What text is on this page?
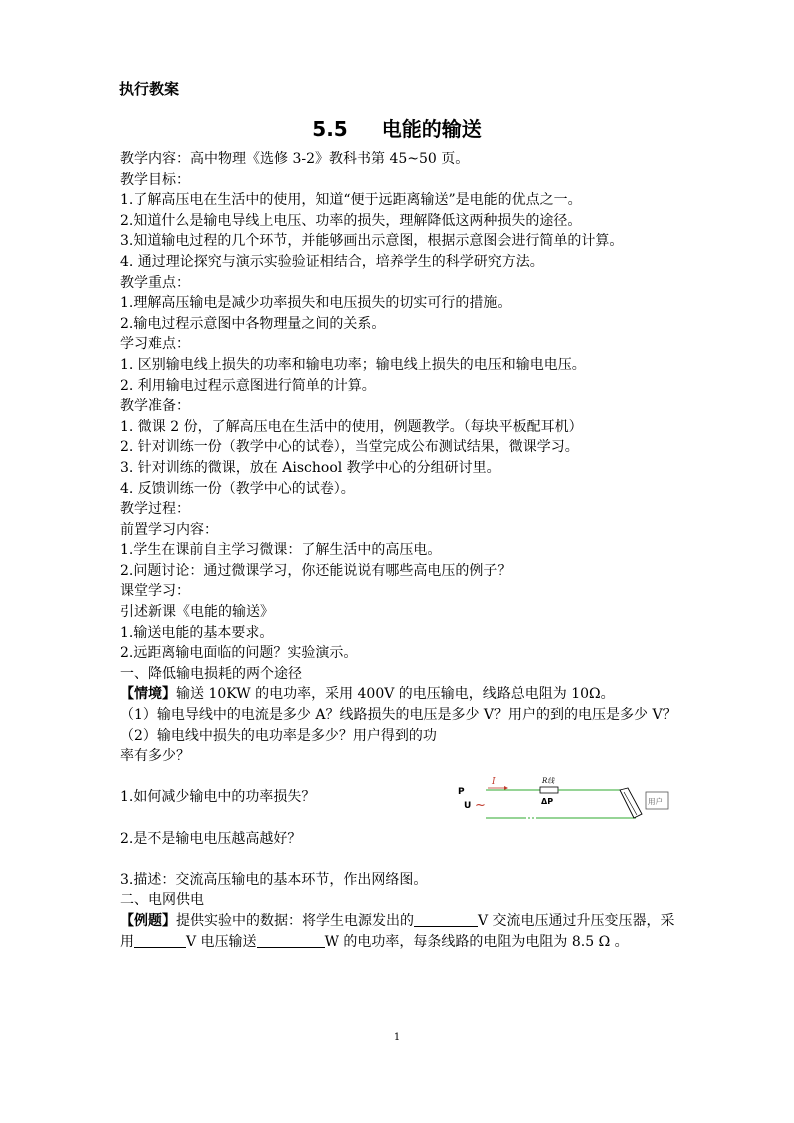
执行教案
5.5 电能的输送

教学内容：高中物理《选修 3-2》教科书第 45~50 页。

教学目标：

1.了解高压电在生活中的使用，知道“便于远距离输送”是电能的优点之一。

2.知道什么是输电导线上电压、功率的损失，理解降低这两种损失的途径。

3.知道输电过程的几个环节，并能够画出示意图，根据示意图会进行简单的计算。

4. 通过理论探究与演示实验验证相结合，培养学生的科学研究方法。

教学重点：

1.理解高压输电是减少功率损失和电压损失的切实可行的措施。

2.输电过程示意图中各物理量之间的关系。

学习难点：

1. 区别输电线上损失的功率和输电功率；输电线上损失的电压和输电电压。

2. 利用输电过程示意图进行简单的计算。

教学准备：

1. 微课 2 份，了解高压电在生活中的使用，例题教学。（每块平板配耳机）

2. 针对训练一份（教学中心的试卷），当堂完成公布测试结果，微课学习。

3. 针对训练的微课，放在 Aischool 教学中心的分组研讨里。

4. 反馈训练一份（教学中心的试卷）。

教学过程：

前置学习内容：

1.学生在课前自主学习微课：了解生活中的高压电。

2.问题讨论：通过微课学习，你还能说说有哪些高电压的例子？

课堂学习：

引述新课《电能的输送》

1.输送电能的基本要求。

2.远距离输电面临的问题？实验演示。

一、降低输电损耗的两个途径

【情境】输送 10KW 的电功率，采用 400V 的电压输电，线路总电阻为 10Ω。

（1）输电导线中的电流是多少 A？线路损失的电压是多少 V？用户的到的电压是多少 V？

（2）输电线中损失的电功率是多少？用户得到的功率有多少？

1.如何减少输电中的功率损失？

2.是不是输电电压越高越好？

3.描述：交流高压输电的基本环节，作出网络图。

二、电网供电

【例题】提供实验中的数据：将学生电源发出的	V 交流电压通过升压变压器，采用	V 电压输送	W 的电功率，每条线路的电阻为电阻为 8.5 Ω 。

P
U ~
I	R线
ΔP	用户
1
